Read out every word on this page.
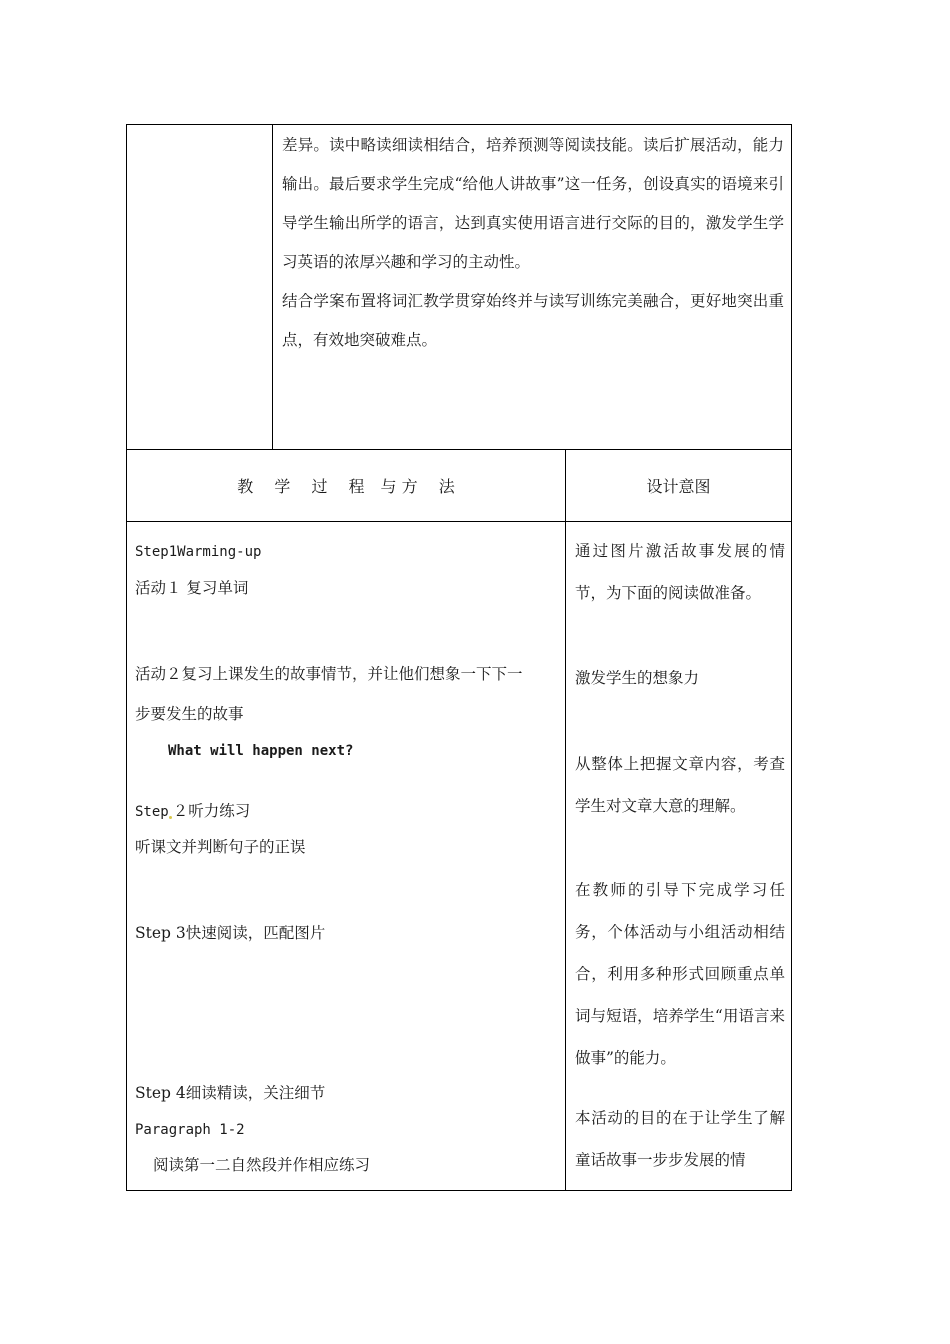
差异。读中略读细读相结合，培养预测等阅读技能。读后扩展活动，能力输出。最后要求学生完成“给他人讲故事”这一任务，创设真实的语境来引导学生输出所学的语言，达到真实使用语言进行交际的目的，激发学生学习英语的浓厚兴趣和学习的主动性。

结合学案布置将词汇教学贯穿始终并与读写训练完美融合，更好地突出重点，有效地突破难点。

教　 学　 过　 程　与 方　 法	设计意图
Step1Warming-up
活动１ 复习单词
活动２复习上课发生的故事情节，并让他们想象一下下一
步要发生的故事
What will happen next?
Step ２听力练习
听课文并判断句子的正误
Step 3快速阅读，匹配图片
Step 4细读精读，关注细节
Paragraph 1-2
阅读第一二自然段并作相应练习
通过图片激活故事发展的情节，为下面的阅读做准备。
激发学生的想象力
从整体上把握文章内容，考查学生对文章大意的理解。
在教师的引导下完成学习任务，个体活动与小组活动相结合，利用多种形式回顾重点单词与短语，培养学生“用语言来做事”的能力。
本活动的目的在于让学生了解童话故事一步步发展的情
